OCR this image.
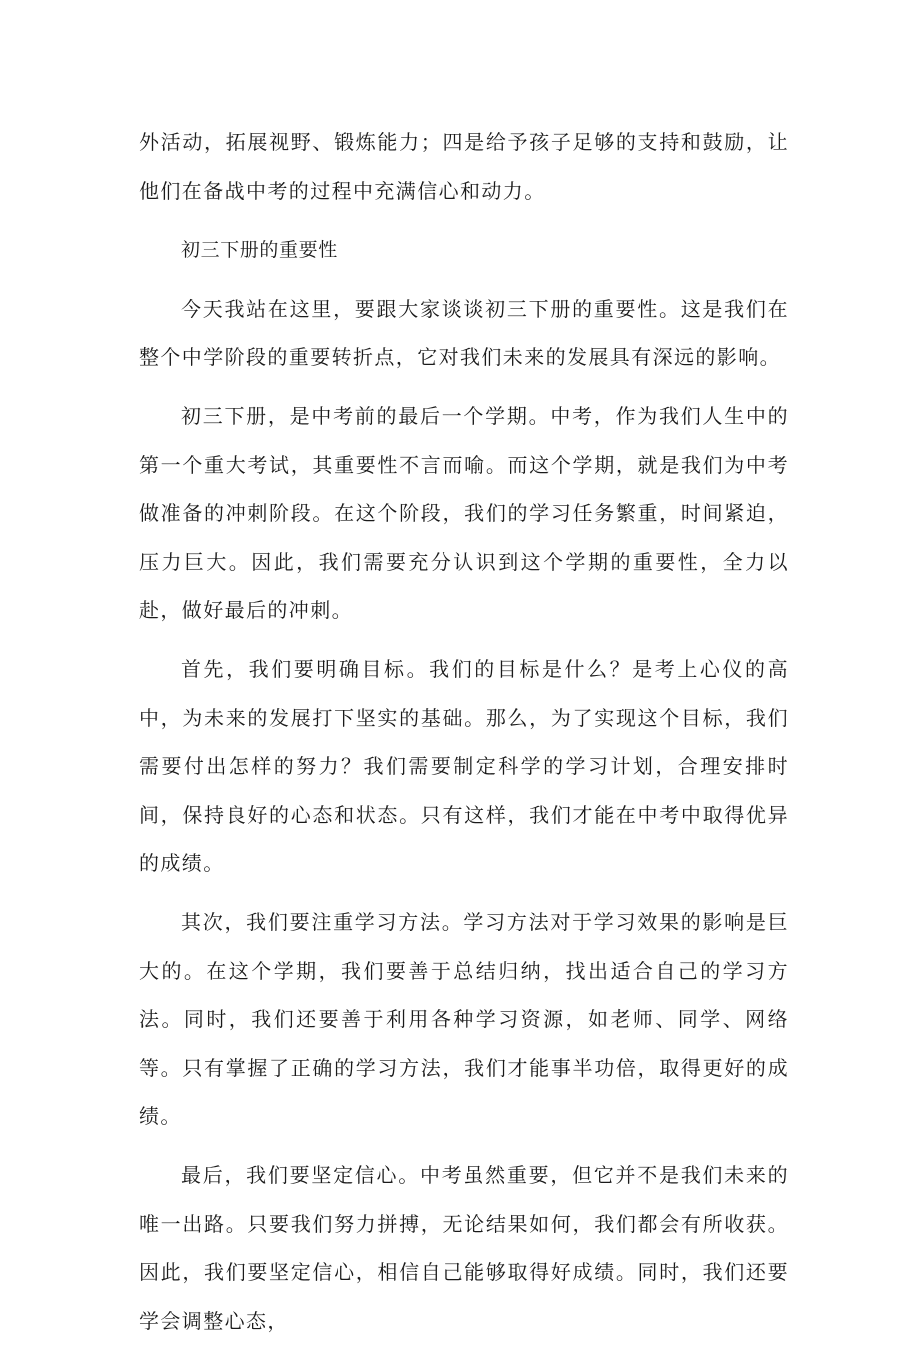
外活动，拓展视野、锻炼能力；四是给予孩子足够的支持和鼓励，让他们在备战中考的过程中充满信心和动力。

初三下册的重要性

今天我站在这里，要跟大家谈谈初三下册的重要性。这是我们在整个中学阶段的重要转折点，它对我们未来的发展具有深远的影响。

初三下册，是中考前的最后一个学期。中考，作为我们人生中的第一个重大考试，其重要性不言而喻。而这个学期，就是我们为中考做准备的冲刺阶段。在这个阶段，我们的学习任务繁重，时间紧迫，压力巨大。因此，我们需要充分认识到这个学期的重要性，全力以赴，做好最后的冲刺。

首先，我们要明确目标。我们的目标是什么？是考上心仪的高中，为未来的发展打下坚实的基础。那么，为了实现这个目标，我们需要付出怎样的努力？我们需要制定科学的学习计划，合理安排时间，保持良好的心态和状态。只有这样，我们才能在中考中取得优异的成绩。

其次，我们要注重学习方法。学习方法对于学习效果的影响是巨大的。在这个学期，我们要善于总结归纳，找出适合自己的学习方法。同时，我们还要善于利用各种学习资源，如老师、同学、网络等。只有掌握了正确的学习方法，我们才能事半功倍，取得更好的成绩。

最后，我们要坚定信心。中考虽然重要，但它并不是我们未来的唯一出路。只要我们努力拼搏，无论结果如何，我们都会有所收获。因此，我们要坚定信心，相信自己能够取得好成绩。同时，我们还要学会调整心态，
